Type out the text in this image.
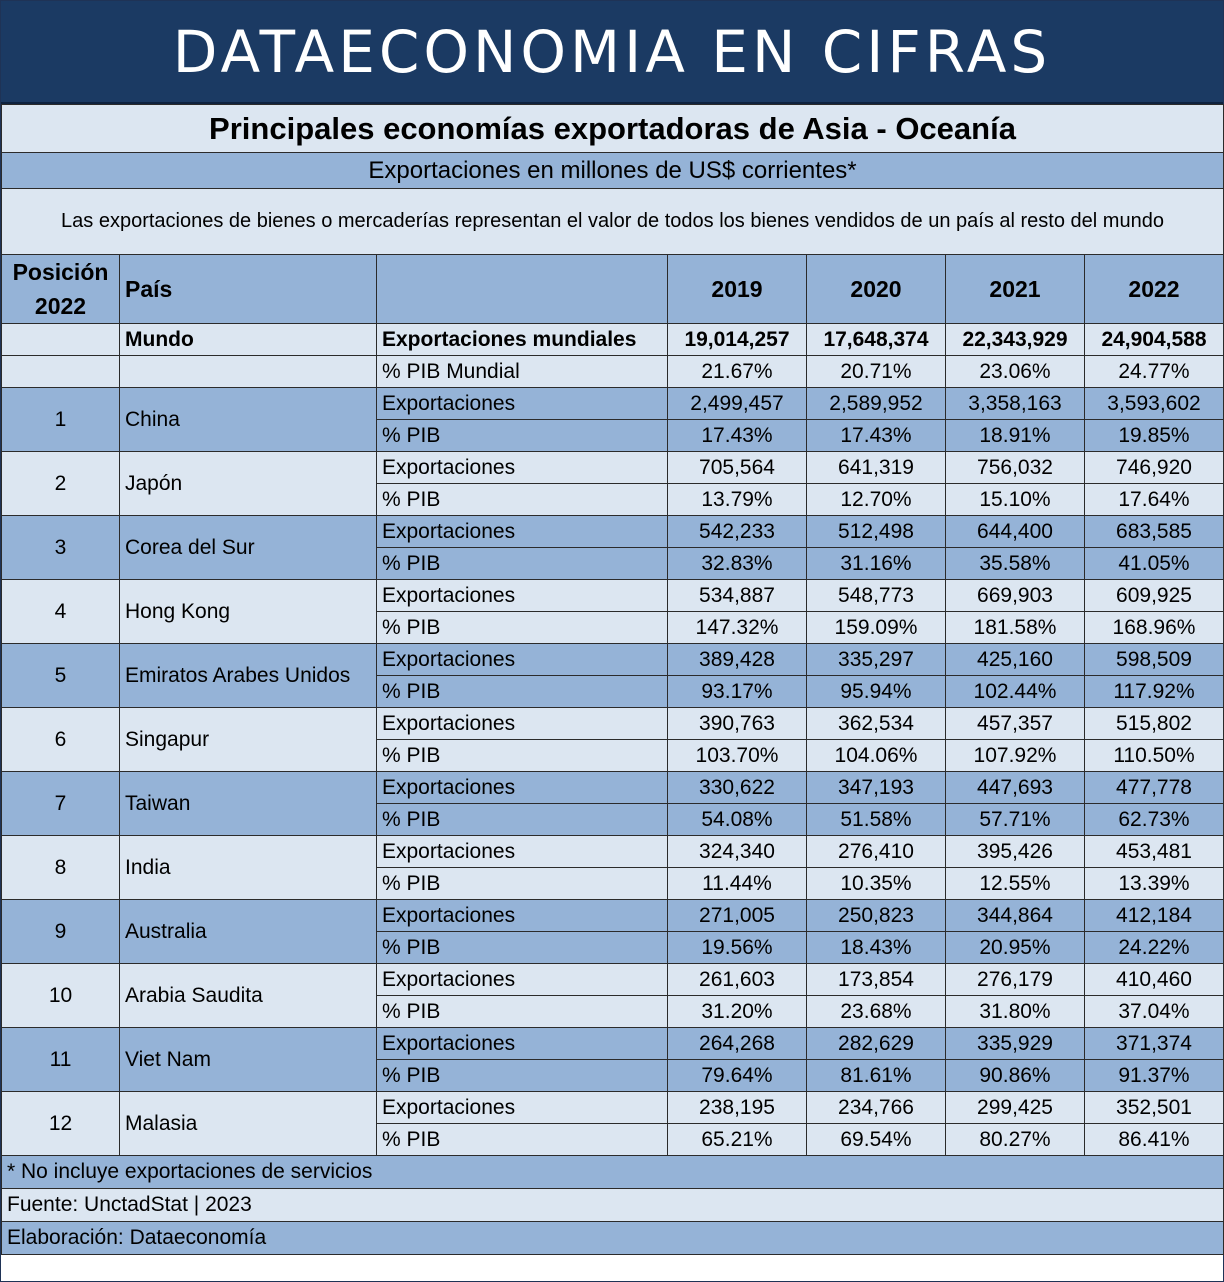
DATAECONOMIA EN CIFRAS
Principales economías exportadoras de Asia - Oceanía						
Exportaciones en millones de US$ corrientes*						
Las exportaciones de bienes o mercaderías representan el valor de todos los bienes vendidos de un país al resto del mundo						
Posición 2022	País		2019	2020	2021	2022
	Mundo	Exportaciones mundiales	19,014,257	17,648,374	22,343,929	24,904,588
		% PIB Mundial	21.67%	20.71%	23.06%	24.77%
1	China	Exportaciones	2,499,457	2,589,952	3,358,163	3,593,602
		% PIB	17.43%	17.43%	18.91%	19.85%
2	Japón	Exportaciones	705,564	641,319	756,032	746,920
		% PIB	13.79%	12.70%	15.10%	17.64%
3	Corea del Sur	Exportaciones	542,233	512,498	644,400	683,585
		% PIB	32.83%	31.16%	35.58%	41.05%
4	Hong Kong	Exportaciones	534,887	548,773	669,903	609,925
		% PIB	147.32%	159.09%	181.58%	168.96%
5	Emiratos Arabes Unidos	Exportaciones	389,428	335,297	425,160	598,509
		% PIB	93.17%	95.94%	102.44%	117.92%
6	Singapur	Exportaciones	390,763	362,534	457,357	515,802
		% PIB	103.70%	104.06%	107.92%	110.50%
7	Taiwan	Exportaciones	330,622	347,193	447,693	477,778
		% PIB	54.08%	51.58%	57.71%	62.73%
8	India	Exportaciones	324,340	276,410	395,426	453,481
		% PIB	11.44%	10.35%	12.55%	13.39%
9	Australia	Exportaciones	271,005	250,823	344,864	412,184
		% PIB	19.56%	18.43%	20.95%	24.22%
10	Arabia Saudita	Exportaciones	261,603	173,854	276,179	410,460
		% PIB	31.20%	23.68%	31.80%	37.04%
11	Viet Nam	Exportaciones	264,268	282,629	335,929	371,374
		% PIB	79.64%	81.61%	90.86%	91.37%
12	Malasia	Exportaciones	238,195	234,766	299,425	352,501
		% PIB	65.21%	69.54%	80.27%	86.41%
* No incluye exportaciones de servicios						
Fuente: UnctadStat | 2023						
Elaboración: Dataeconomía						
